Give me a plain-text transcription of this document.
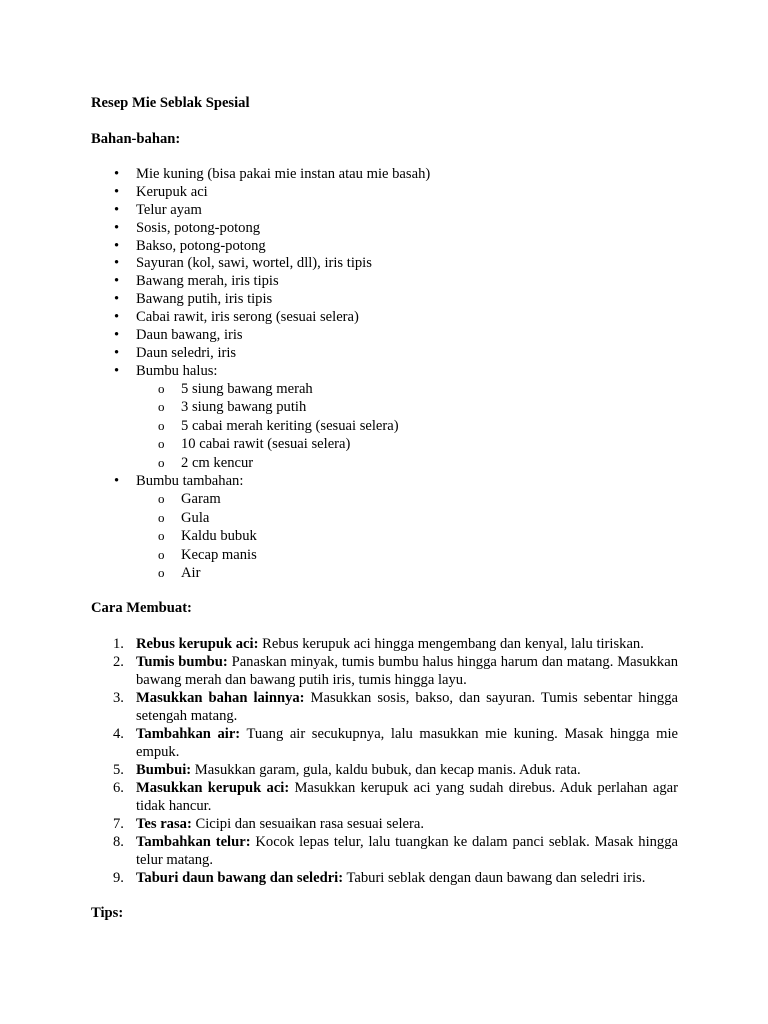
Resep Mie Seblak Spesial
Bahan-bahan:
• Mie kuning (bisa pakai mie instan atau mie basah)
• Kerupuk aci
• Telur ayam
• Sosis, potong-potong
• Bakso, potong-potong
• Sayuran (kol, sawi, wortel, dll), iris tipis
• Bawang merah, iris tipis
• Bawang putih, iris tipis
• Cabai rawit, iris serong (sesuai selera)
• Daun bawang, iris
• Daun seledri, iris
• Bumbu halus:
o 5 siung bawang merah
o 3 siung bawang putih
o 5 cabai merah keriting (sesuai selera)
o 10 cabai rawit (sesuai selera)
o 2 cm kencur
• Bumbu tambahan:
o Garam
o Gula
o Kaldu bubuk
o Kecap manis
o Air
Cara Membuat:
1. Rebus kerupuk aci: Rebus kerupuk aci hingga mengembang dan kenyal, lalu tiriskan.
2. Tumis bumbu: Panaskan minyak, tumis bumbu halus hingga harum dan matang. Masukkan bawang merah dan bawang putih iris, tumis hingga layu.
3. Masukkan bahan lainnya: Masukkan sosis, bakso, dan sayuran. Tumis sebentar hingga setengah matang.
4. Tambahkan air: Tuang air secukupnya, lalu masukkan mie kuning. Masak hingga mie empuk.
5. Bumbui: Masukkan garam, gula, kaldu bubuk, dan kecap manis. Aduk rata.
6. Masukkan kerupuk aci: Masukkan kerupuk aci yang sudah direbus. Aduk perlahan agar tidak hancur.
7. Tes rasa: Cicipi dan sesuaikan rasa sesuai selera.
8. Tambahkan telur: Kocok lepas telur, lalu tuangkan ke dalam panci seblak. Masak hingga telur matang.
9. Taburi daun bawang dan seledri: Taburi seblak dengan daun bawang dan seledri iris.
Tips:
